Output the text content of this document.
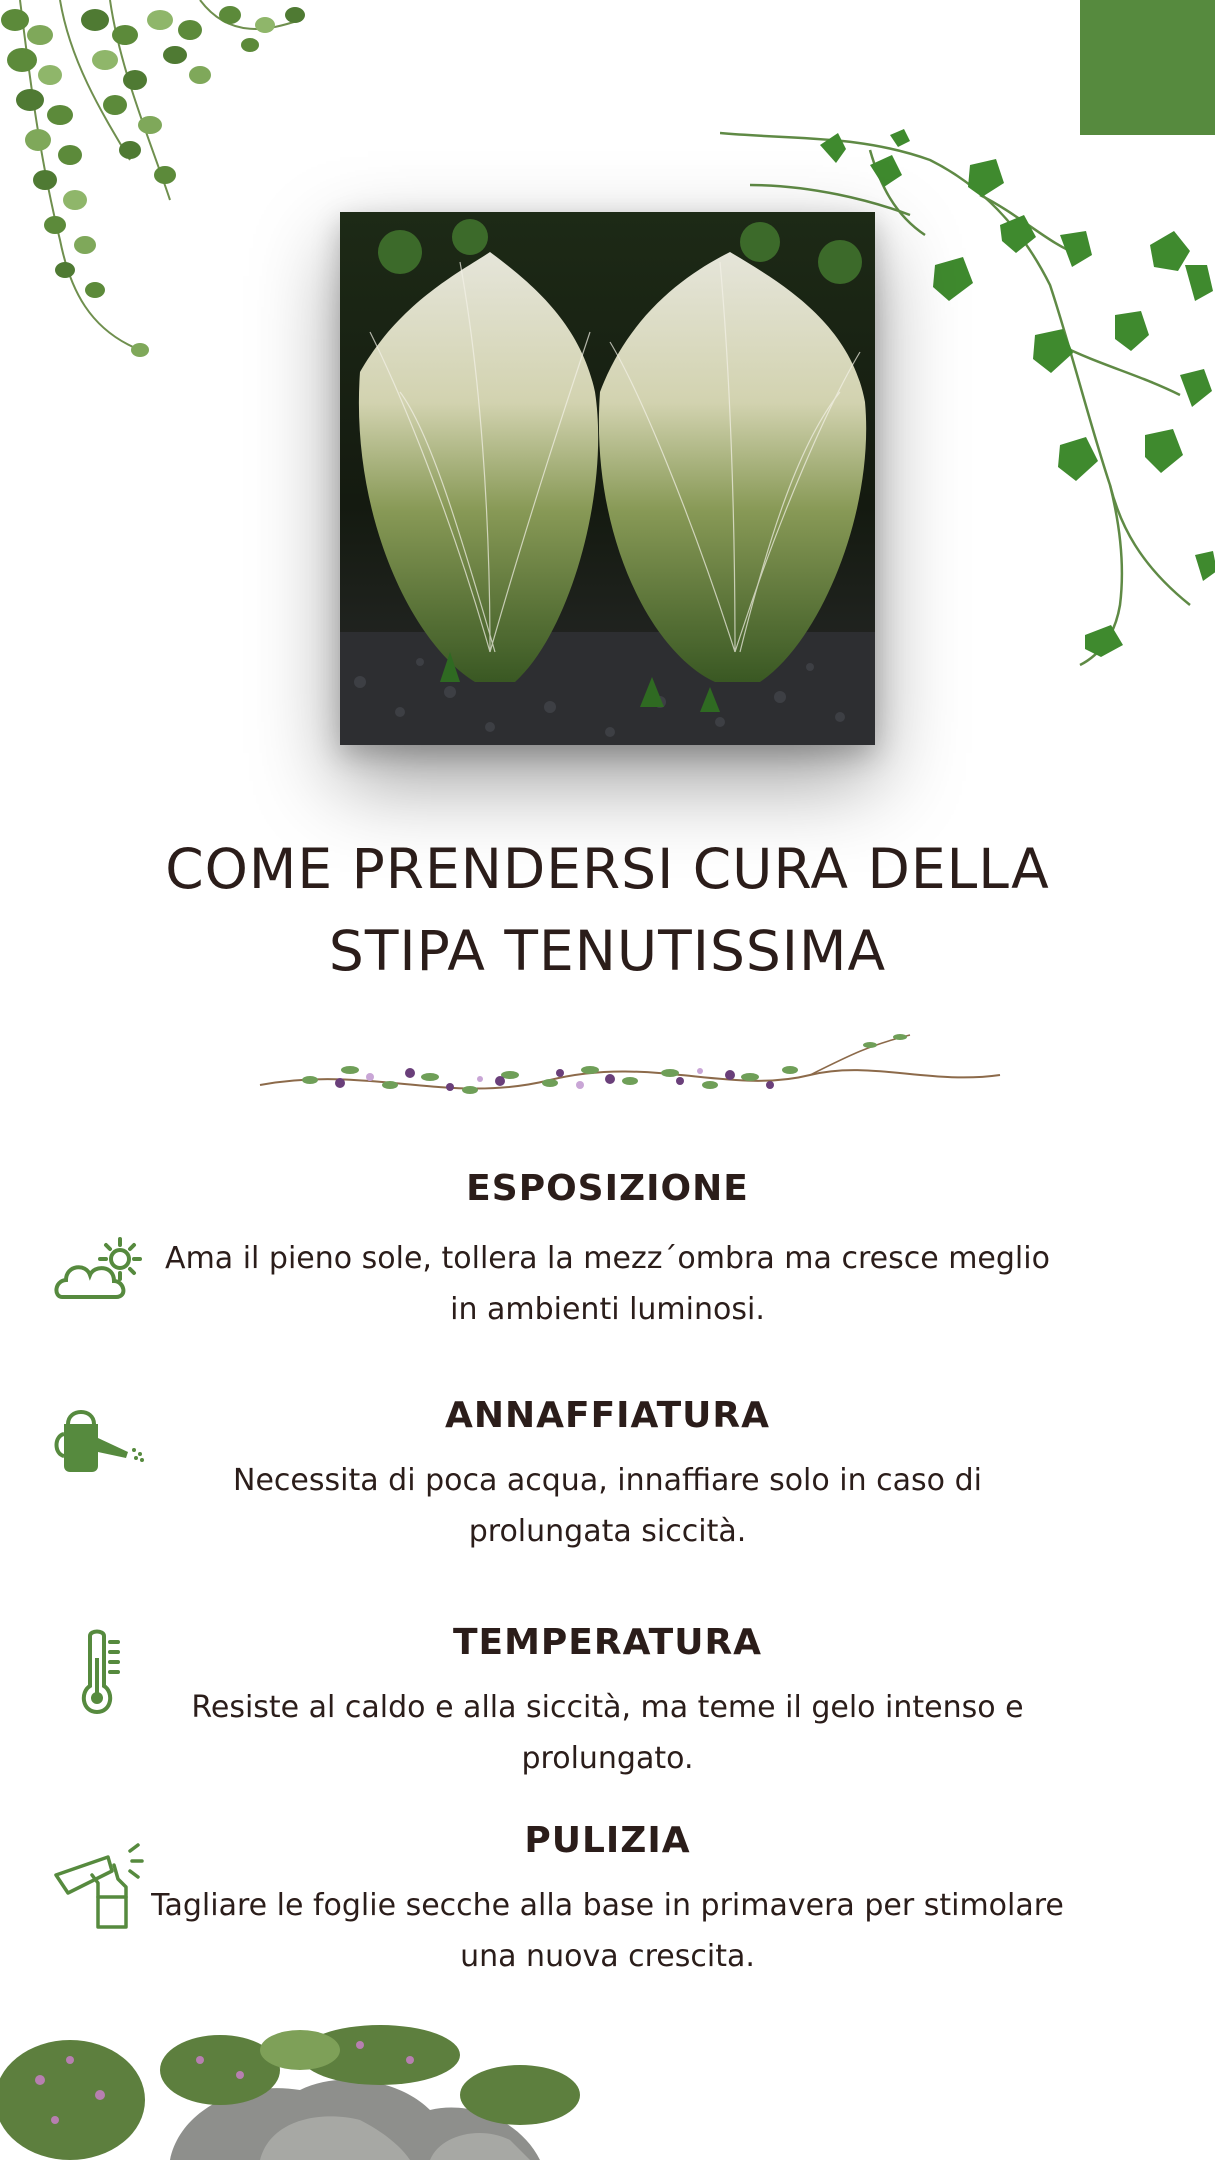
COME PRENDERSI CURA DELLA
STIPA TENUTISSIMA
ESPOSIZIONE

Ama il pieno sole, tollera la mezz´ombra ma cresce meglio in ambienti luminosi.

ANNAFFIATURA

Necessita di poca acqua, innaffiare solo in caso di prolungata siccità.

TEMPERATURA

Resiste al caldo e alla siccità, ma teme il gelo intenso e prolungato.

PULIZIA

Tagliare le foglie secche alla base in primavera per stimolare una nuova crescita.
